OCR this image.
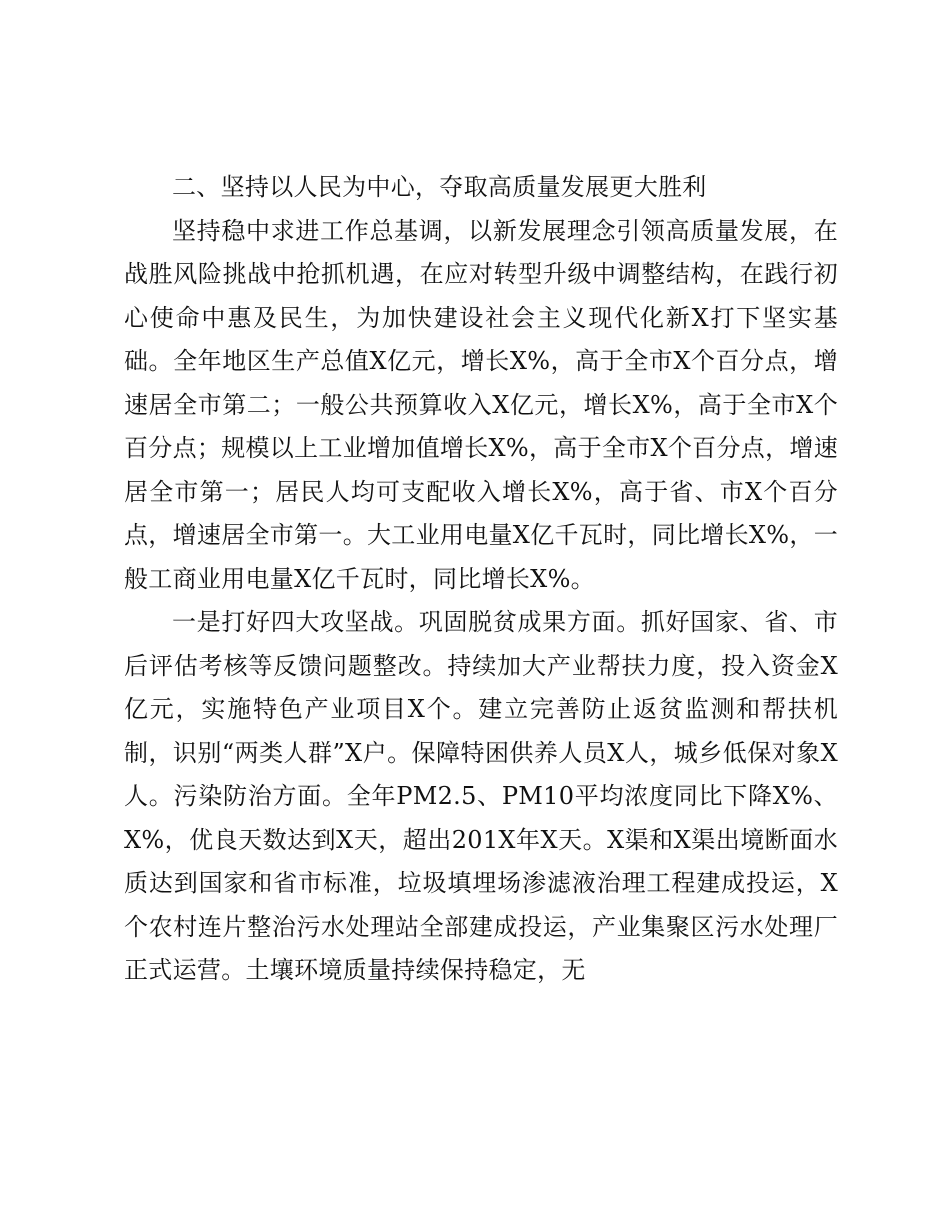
二、坚持以人民为中心，夺取高质量发展更大胜利

坚持稳中求进工作总基调，以新发展理念引领高质量发展，在战胜风险挑战中抢抓机遇，在应对转型升级中调整结构，在践行初心使命中惠及民生，为加快建设社会主义现代化新X打下坚实基础。全年地区生产总值X亿元，增长X%，高于全市X个百分点，增速居全市第二；一般公共预算收入X亿元，增长X%，高于全市X个百分点；规模以上工业增加值增长X%，高于全市X个百分点，增速居全市第一；居民人均可支配收入增长X%，高于省、市X个百分点，增速居全市第一。大工业用电量X亿千瓦时，同比增长X%，一般工商业用电量X亿千瓦时，同比增长X%。

一是打好四大攻坚战。巩固脱贫成果方面。抓好国家、省、市后评估考核等反馈问题整改。持续加大产业帮扶力度，投入资金X亿元，实施特色产业项目X个。建立完善防止返贫监测和帮扶机制，识别“两类人群”X户。保障特困供养人员X人，城乡低保对象X人。污染防治方面。全年PM2.5、PM10平均浓度同比下降X%、X%，优良天数达到X天，超出201X年X天。X渠和X渠出境断面水质达到国家和省市标准，垃圾填埋场渗滤液治理工程建成投运，X个农村连片整治污水处理站全部建成投运，产业集聚区污水处理厂正式运营。土壤环境质量持续保持稳定，无
